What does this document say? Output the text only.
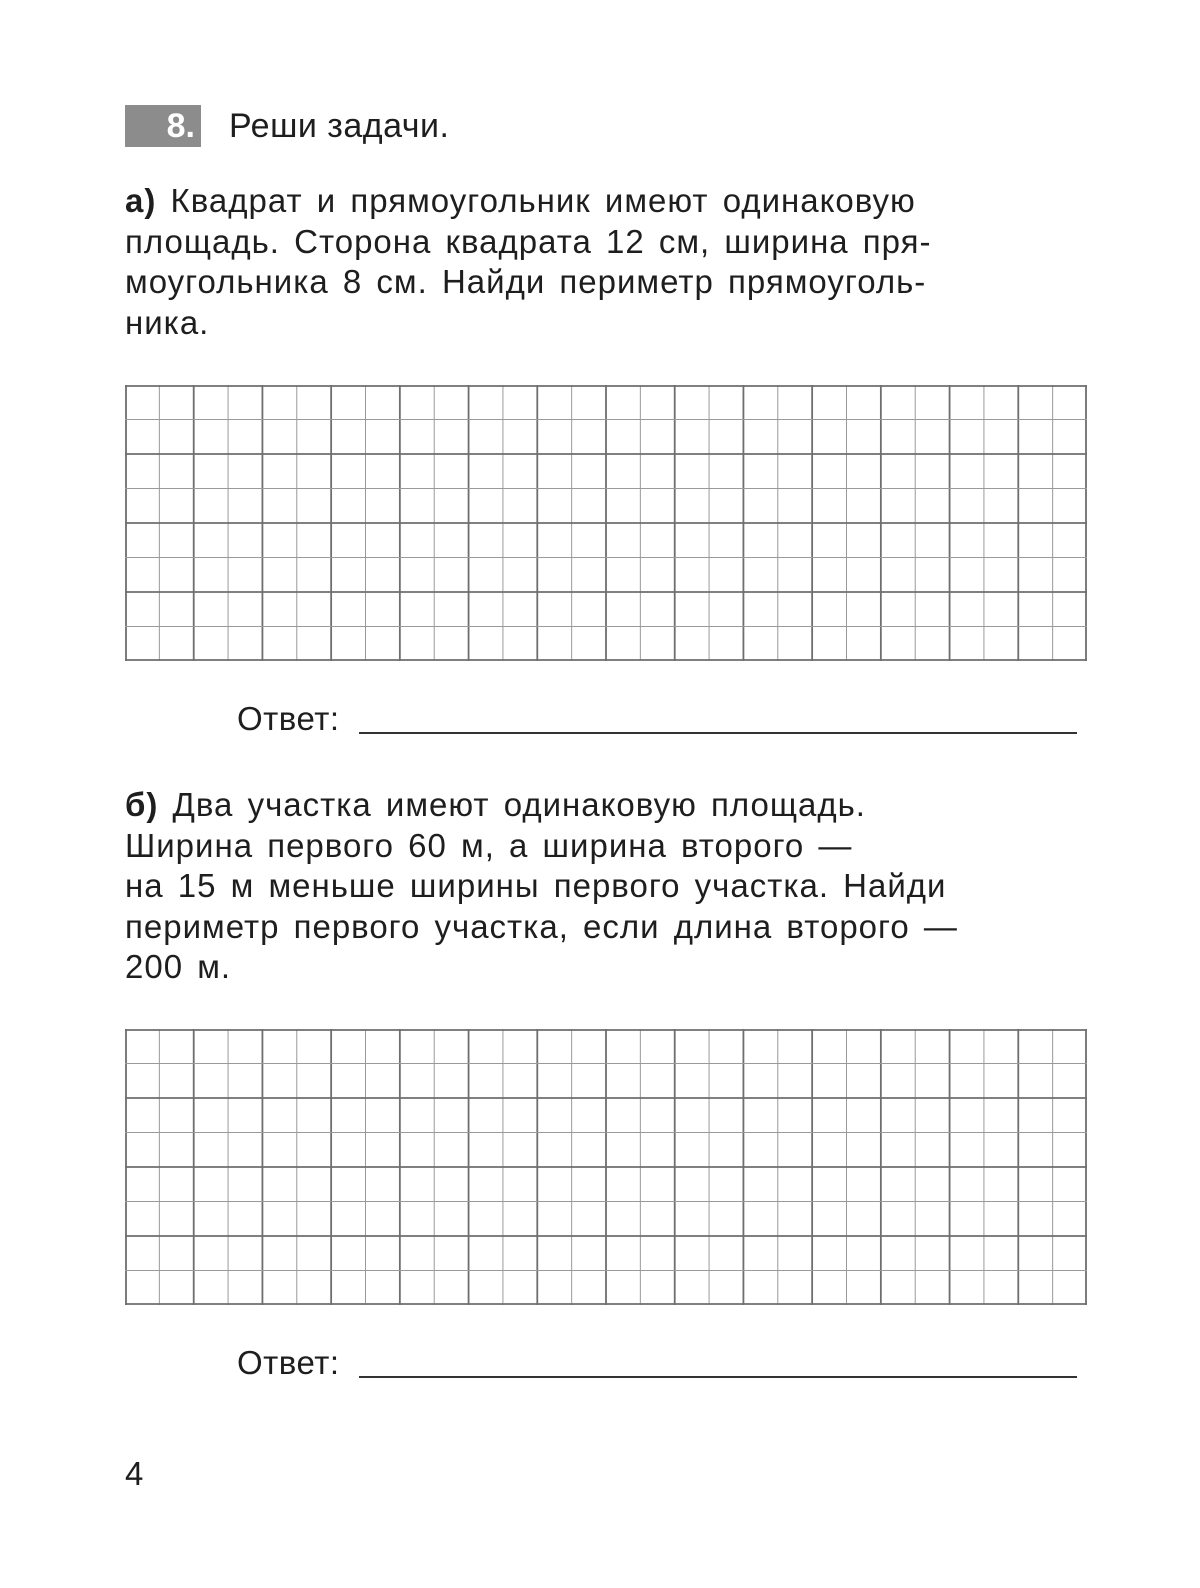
8. Реши задачи.
а) Квадрат и прямоугольник имеют одинаковую
площадь. Сторона квадрата 12 см, ширина пря-
моугольника 8 см. Найди периметр прямоуголь-
ника.
Ответ:
б) Два участка имеют одинаковую площадь.
Ширина первого 60 м, а ширина второго —
на 15 м меньше ширины первого участка. Найди
периметр первого участка, если длина второго —
200 м.
Ответ:
4
